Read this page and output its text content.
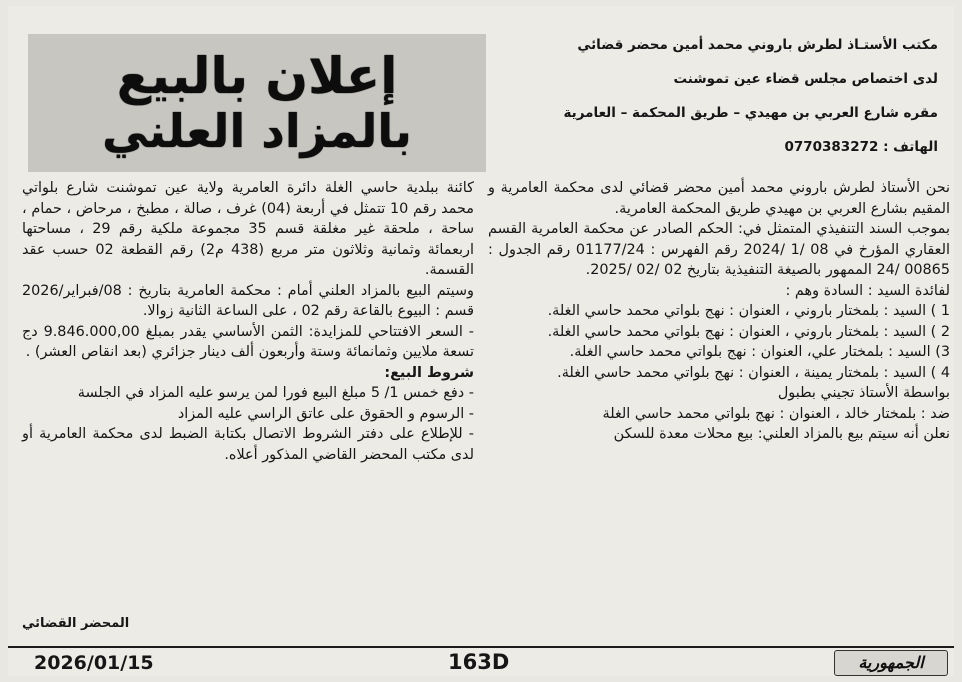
مكتب الأستـاذ لطرش باروني محمد أمين محضر قضائي
لدى اختصاص مجلس قضاء عين تموشنت
مقره شارع العربي بن مهيدي – طريق المحكمة – العامرية
الهاتف : 0770383272
إعلان بالبيع
بالمزاد العلني

نحن الأستاذ لطرش باروني محمد أمين محضر قضائي لدى محكمة العامرية و المقيم بشارع العربي بن مهيدي طريق المحكمة العامرية.

بموجب السند التنفيذي المتمثل في: الحكم الصادر عن محكمة العامرية القسم العقاري المؤرخ في 08 /1 /2024 رقم الفهرس : 01177/24 رقم الجدول : 00865 /24 الممهور بالصيغة التنفيذية بتاريخ 02 /02 /2025.

لفائدة السيد : السادة وهم :

1 ) السيد : بلمختار باروني ، العنوان : نهج بلواتي محمد حاسي الغلة.

2 ) السيد : بلمختار باروني ، العنوان : نهج بلواتي محمد حاسي الغلة.

3) السيد : بلمختار علي، العنوان : نهج بلواتي محمد حاسي الغلة.

4 ) السيد : بلمختار يمينة ، العنوان : نهج بلواتي محمد حاسي الغلة.

بواسطة الأستاذ تجيني بطبول

ضد : بلمختار خالد ، العنوان : نهج بلواتي محمد حاسي الغلة

نعلن أنه سيتم بيع بالمزاد العلني: بيع محلات معدة للسكن

كائنة ببلدية حاسي الغلة دائرة العامرية ولاية عين تموشنت شارع بلواتي محمد رقم 10 تتمثل في أربعة (04) غرف ، صالة ، مطبخ ، مرحاض ، حمام ، ساحة ، ملحقة غير مغلقة قسم 35 مجموعة ملكية رقم 29 ، مساحتها اربعمائة وثمانية وثلاثون متر مربع (438 م2) رقم القطعة 02 حسب عقد القسمة.

وسيتم البيع بالمزاد العلني أمام : محكمة العامرية بتاريخ : 08/فبراير/2026 قسم : البيوع بالقاعة رقم 02 ، على الساعة الثانية زوالا.

- السعر الافتتاحي للمزايدة: الثمن الأساسي يقدر بمبلغ 9.846.000,00 دج تسعة ملايين وثمانمائة وستة وأربعون ألف دينار جزائري (بعد انقاص العشر) .

شروط البيع:

- دفع خمس 1/ 5 مبلغ البيع فورا لمن يرسو عليه المزاد في الجلسة

- الرسوم و الحقوق على عاتق الراسي عليه المزاد

- للإطلاع على دفتر الشروط الاتصال بكتابة الضبط لدى محكمة العامرية أو لدى مكتب المحضر القاضي المذكور أعلاه.

المحضر القضائي
2026/01/15	163D	الجمهورية
